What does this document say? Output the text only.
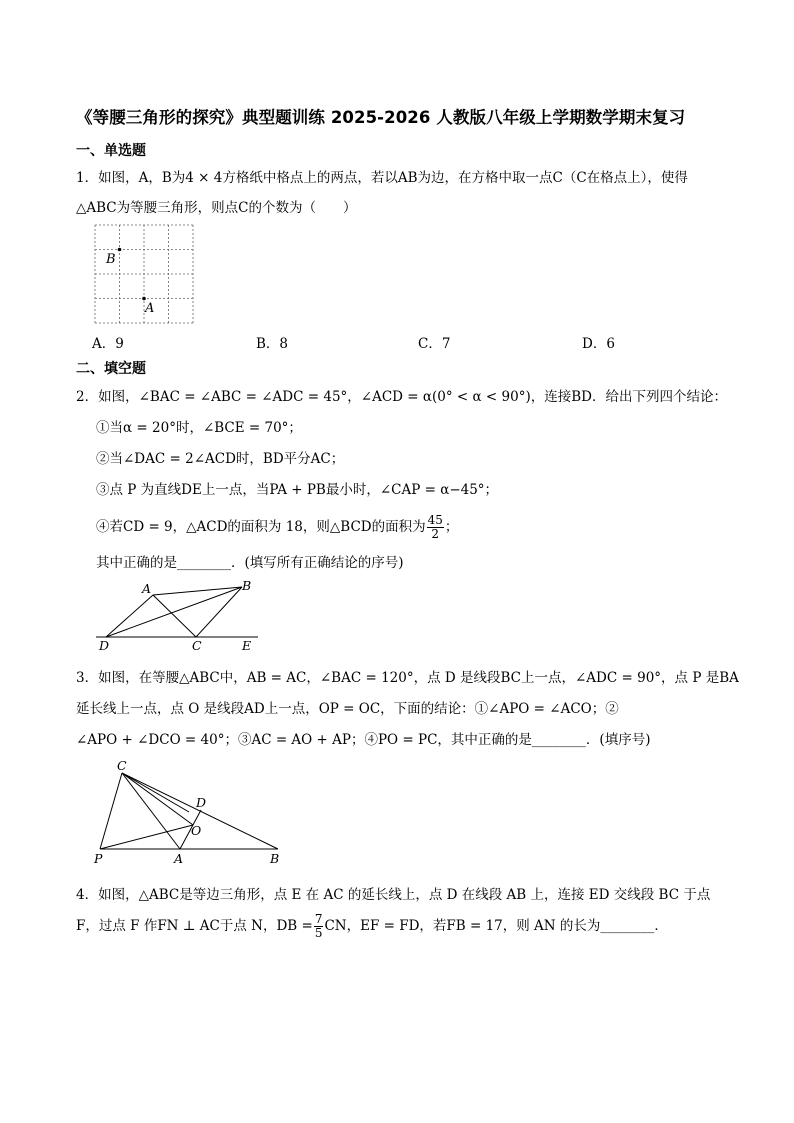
《等腰三角形的探究》典型题训练 2025-2026 人教版八年级上学期数学期末复习
一、单选题
1．如图，A，B为4 × 4方格纸中格点上的两点，若以AB为边，在方格中取一点C（C在格点上），使得
△ABC为等腰三角形，则点C的个数为（　　）
B
A
A．9	B．8	C．7	D．6
二、填空题
2．如图，∠BAC = ∠ABC = ∠ADC = 45°，∠ACD = α(0° < α < 90°)，连接BD．给出下列四个结论：
①当α = 20°时，∠BCE = 70°；
②当∠DAC = 2∠ACD时，BD平分AC；
③点 P 为直线DE上一点，当PA + PB最小时，∠CAP = α−45°；
④若CD = 9，△ACD的面积为 18，则△BCD的面积为 $\frac{45}{2}$ ；
其中正确的是________．(填写所有正确结论的序号)
A	B
D	C	E
3．如图，在等腰△ABC中，AB = AC，∠BAC = 120°，点 D 是线段BC上一点，∠ADC = 90°，点 P 是BA
延长线上一点，点 O 是线段AD上一点，OP = OC，下面的结论：①∠APO = ∠ACO；②
∠APO + ∠DCO = 40°；③AC = AO + AP；④PO = PC，其中正确的是________．(填序号)
C
D
O
P	A	B
4．如图，△ABC是等边三角形，点 E 在 AC 的延长线上，点 D 在线段 AB 上，连接 ED 交线段 BC 于点
F，过点 F 作FN ⊥ AC于点 N，DB = $\frac{7}{5}$ CN，EF = FD，若FB = 17，则 AN 的长为________．
